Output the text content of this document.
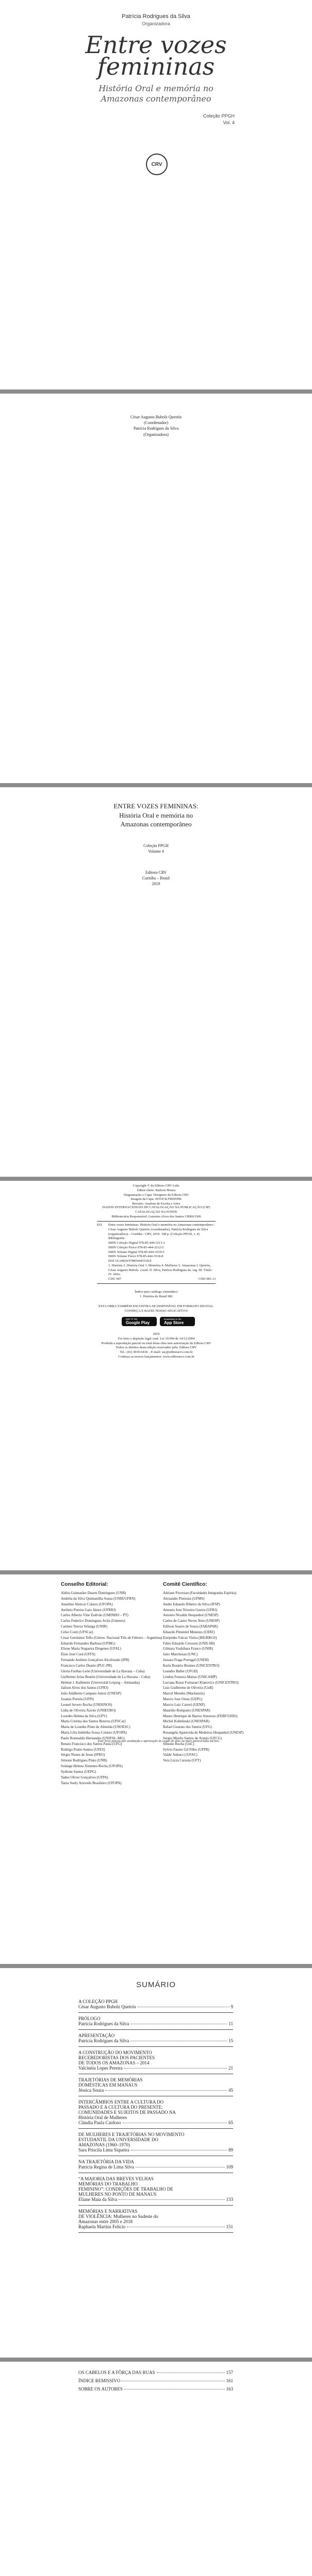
Patrícia Rodrigues da Silva
Organizadora
Entre vozes
femininas
História Oral e memória no
Amazonas contemporâneo
Coleção PPGH
Vol. 4
CRV
César Augusto Bubolz Queirós
(Coordenador)
Patrícia Rodrigues da Silva
(Organizadora)
ENTRE VOZES FEMININAS:
História Oral e memória no
Amazonas contemporâneo
Coleção PPGH
Volume 4
Editora CRV
Curitiba – Brasil
2019
Copyright © da Editora CRV Ltda.
Editor-chefe: Railson Moura
Diagramação e Capa: Designers da Editora CRV
Imagem da Capa: ISTOCK/FREEPIK
Revisão: Analista de Escrita e Artes
DADOS INTERNACIONAIS DE CATALOGAÇÃO NA PUBLICAÇÃO (CIP)
CATALOGAÇÃO NA FONTE
Bibliotecária Responsável: Luzenira Alves dos Santos CRB9/1506
E61	Entre vozes femininas: História Oral e memória no Amazonas contemporâneo / César Augusto Bubolz Queirós (coordenador), Patrícia Rodrigues da Silva (organizadora) – Curitiba : CRV, 2019. 168 p. (Coleção PPGH, v. 4)
Bibliografia
ISBN Coleção Digital 978-85-444-3213-2
ISBN Coleção Física 978-85-444-3212-5
ISBN Volume Digital 978-85-444-3519-5
ISBN Volume Físico 978-85-444-3518-8
DOI 10.24824/978854443518.8
1. História 2. História Oral 3. Memória 4. Mulheres 5. Amazonas I. Queirós, César Augusto Bubolz. coord. II. Silva, Patrícia Rodrigues da. org. III. Título IV. Série.
CDU 907	CDD 981.13
Índice para catálogo sistemático
1. História do Brasil 981
ESTA OBRA TAMBÉM ENCONTRA-SE DISPONÍVEL EM FORMATO DIGITAL.
CONHEÇA E BAIXE NOSSO APLICATIVO!
GET IT ON
Google Play
Download on the
App Store
2019
Foi feito o depósito legal conf. Lei 10.994 de 14/12/2004
Proibida a reprodução parcial ou total desta obra sem autorização da Editora CRV
Todos os direitos desta edição reservados pela: Editora CRV
Tel.: (41) 3039-6418 – E-mail: sac@editoracrv.com.br
Conheça os nossos lançamentos: www.editoracrv.com.br
Conselho Editorial:
Aldira Guimarães Duarte Domínguez (UNB)
Andréia da Silva Quintanilha Sousa (UNIR/UFRN)
Anselmo Alencar Colares (UFOPA)
Antônio Pereira Gaio Júnior (UFRRJ)
Carlos Alberto Vilar Estêvão (UMINHO – PT)
Carlos Federico Dominguez Avila (Unieuro)
Carmen Tereza Velanga (UNIR)
Celso Conti (UFSCar)
Cesar Gerónimo Tello (Univer. Nacional Três de Febrero – Argentina)
Eduardo Fernandes Barbosa (UFMG)
Elione Maria Nogueira Diogenes (UFAL)
Élsio José Corá (UFFS)
Fernando Antônio Gonçalves Alcoforado (IPB)
Francisco Carlos Duarte (PUC-PR)
Gloria Fariñas León (Universidade de La Havana – Cuba)
Guillermo Arias Beatón (Universidade de La Havana – Cuba)
Helmut J. Kallmeier (Universität Leipzig – Alemanha)
Jailson Alves dos Santos (UFRJ)
João Adalberto Campato Junior (UNESP)
Josania Portela (UFPI)
Leonel Severo Rocha (UNISINOS)
Lídia de Oliveira Xavier (UNIEURO)
Lourdes Helena da Silva (UFV)
Maria Cristina dos Santos Bezerra (UFSCar)
Maria de Lourdes Pinto de Almeida (UNOESC)
Maria Lília Imbiriba Sousa Colares (UFOPA)
Paulo Romualdo Hernandes (UNIFAL-MG)
Renato Francisco dos Santos Paula (UFG)
Rodrigo Pratte-Santos (UFES)
Sérgio Nunes de Jesus (IFRO)
Simone Rodrigues Pinto (UNB)
Solange Helena Ximenes-Rocha (UFOPA)
Sydione Santos (UEPG)
Tadeu Oliver Gonçalves (UFPA)
Tania Suely Azevedo Brasileiro (UFOPA)
Comitê Científico:
Adriane Piovezan (Faculdades Integradas Espírita)
Alexandre Pierezan (UFMS)
Andre Eduardo Ribeiro da Silva (IFSP)
Antonio Jose Teixeira Guerra (UFRJ)
Antonio Nivaldo Hespanhol (UNESP)
Carlos de Castro Neves Neto (UNESP)
Edilson Soares de Souza (FABAPAR)
Eduardo Pimentel Menezes (UERJ)
Euripedes Falcao Vieira (IHGRRGS)
Fabio Eduardo Cressoni (UNILAB)
Gilmara Yoshihara Franco (UNIR)
Jairo Marchesan (UNC)
Jussara Fraga Portugal (UNEB)
Karla Rosário Brumes (UNICENTRO)
Leandro Baller (UFGD)
Lindon Fonseca Matias (UNICAMP)
Luciana Rosar Fornazari Klanovicz (UNICENTRO)
Luiz Guilherme de Oliveira (UnB)
Marcel Mendes (Mackenzie)
Marcio Jose Ornat (UEPG)
Marcio Luiz Carreri (UENP)
Maurilio Rompatto (UNESPAR)
Mauro Henrique de Barros Amoroso (FEBF/UERJ)
Michel Kobelinski (UNESPAR)
Rafael Guarato dos Santos (UFG)
Rosangela Aparecida de Medeiros Hespanhol (UNESP)
Sergio Murilo Santos de Araujo (UFCG)
Simone Rocha (UnC)
Sylvio Fausto Gil Filho (UFPR)
Valdir Anhucci (UFAC)
Vera Lúcia Caixeta (UFT)
Este livro passou por avaliação e aprovação às cegas de dois ou mais pareceristas ad hoc.
SUMÁRIO
A COLEÇÃO PPGH
César Augusto Bubolz Queirós	9
PRÓLOGO
Patrícia Rodrigues da Silva	11
APRESENTAÇÃO
Patrícia Rodrigues da Silva	15
A CONSTRUÇÃO DO MOVIMENTO
RECEBEDORISTAS DOS PACIENTES
DE TODOS OS AMAZONAS – 2014
Valcinéia Lopes Pereira	21
TRAJETÓRIAS DE MEMÓRIAS
DOMÉSTICAS EM MANAUS
Jéssica Souza	45
INTERCÂMBIOS ENTRE A CULTURA DO
PASSADO E A CULTURA DO PRESENTE:
COMUNIDADES E SUJEITOS DE PASSADO NA
História Oral de Mulheres
Cláudia Paula Cardoso	65
DE MULHERES E TRAJETÓRIAS NO MOVIMENTO
ESTUDANTIL DA UNIVERSIDADE DO
AMAZONAS (1960–1970)
Sara Priscila Lima Siqueira	89
NA TRAJETÓRIA DA VIDA
Patrícia Regina de Lima Silva	109
“A MAIORIA DAS BREVES VELHAS
MEMÓRIAS DO TRABALHO
FEMININO”: CONDIÇÕES DE TRABALHO DE
MULHERES NO PONTO DE MANAUS
Eliane Maia da Silva	133
MEMÓRIAS E NARRATIVAS
DE VIOLÊNCIA: Mulheres no Sudeste do
Amazonas entre 2005 e 2018
Raphaela Martins Felício	151
OS CABELOS E A FÔRÇA DAS RUAS	157
ÍNDICE REMISSIVO	161
SOBRE OS AUTORES	163
